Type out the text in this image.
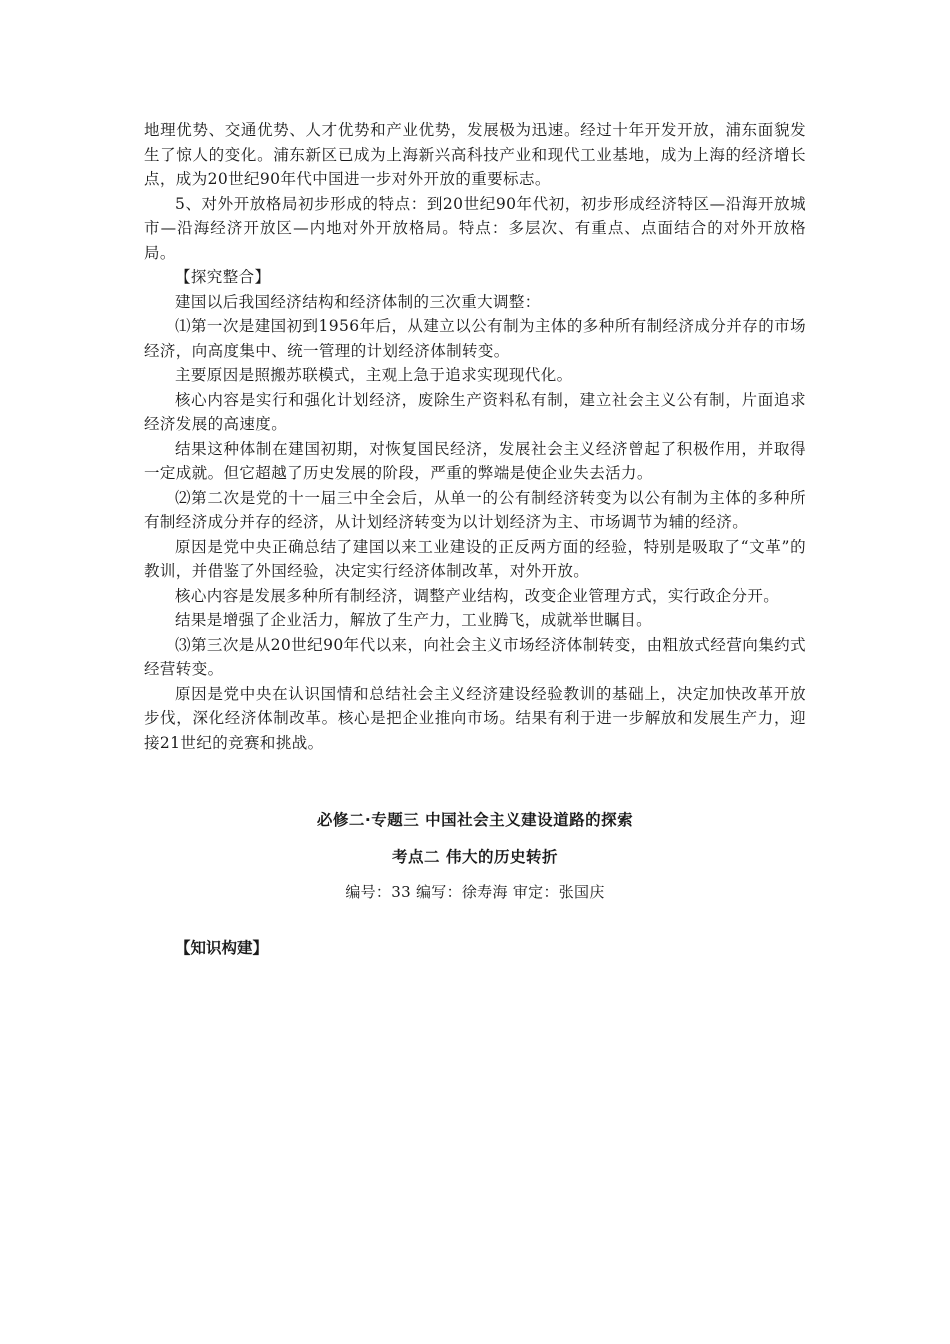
地理优势、交通优势、人才优势和产业优势，发展极为迅速。经过十年开发开放，浦东面貌发生了惊人的变化。浦东新区已成为上海新兴高科技产业和现代工业基地，成为上海的经济增长点，成为20世纪90年代中国进一步对外开放的重要标志。

5、对外开放格局初步形成的特点：到20世纪90年代初，初步形成经济特区—沿海开放城市—沿海经济开放区—内地对外开放格局。特点：多层次、有重点、点面结合的对外开放格局。

【探究整合】

建国以后我国经济结构和经济体制的三次重大调整：

⑴第一次是建国初到1956年后，从建立以公有制为主体的多种所有制经济成分并存的市场经济，向高度集中、统一管理的计划经济体制转变。

主要原因是照搬苏联模式，主观上急于追求实现现代化。

核心内容是实行和强化计划经济，废除生产资料私有制，建立社会主义公有制，片面追求经济发展的高速度。

结果这种体制在建国初期，对恢复国民经济，发展社会主义经济曾起了积极作用，并取得一定成就。但它超越了历史发展的阶段，严重的弊端是使企业失去活力。

⑵第二次是党的十一届三中全会后，从单一的公有制经济转变为以公有制为主体的多种所有制经济成分并存的经济，从计划经济转变为以计划经济为主、市场调节为辅的经济。

原因是党中央正确总结了建国以来工业建设的正反两方面的经验，特别是吸取了“文革”的教训，并借鉴了外国经验，决定实行经济体制改革，对外开放。

核心内容是发展多种所有制经济，调整产业结构，改变企业管理方式，实行政企分开。

结果是增强了企业活力，解放了生产力，工业腾飞，成就举世瞩目。

⑶第三次是从20世纪90年代以来，向社会主义市场经济体制转变，由粗放式经营向集约式经营转变。

原因是党中央在认识国情和总结社会主义经济建设经验教训的基础上，决定加快改革开放步伐，深化经济体制改革。核心是把企业推向市场。结果有利于进一步解放和发展生产力，迎接21世纪的竞赛和挑战。

必修二·专题三 中国社会主义建设道路的探索
考点二 伟大的历史转折

编号：33 编写：徐寿海 审定：张国庆

【知识构建】
